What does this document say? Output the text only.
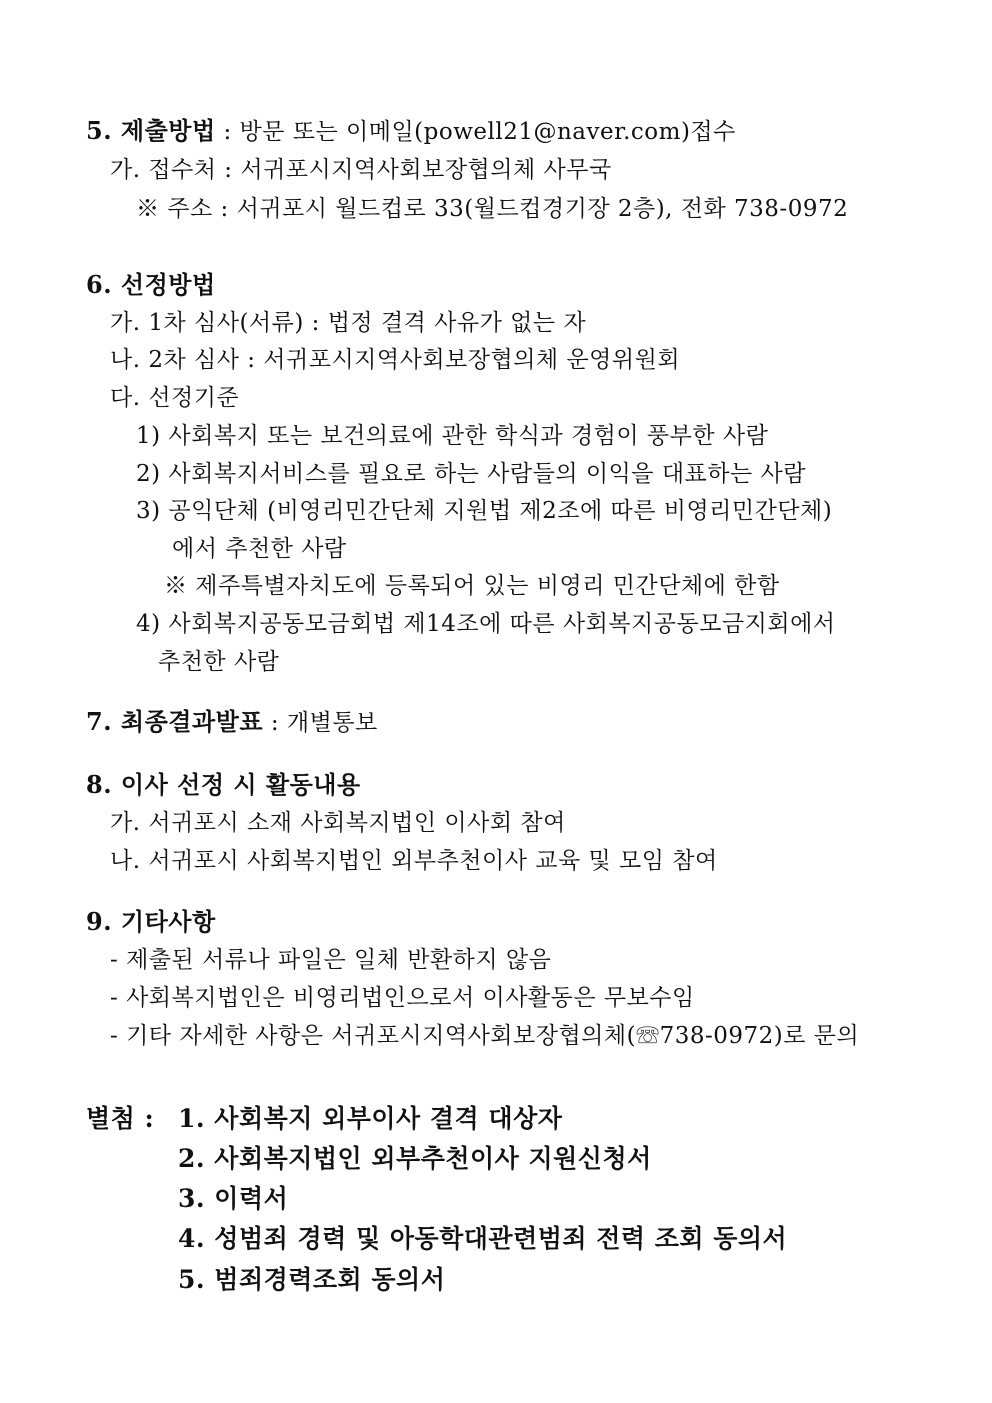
5. 제출방법 : 방문 또는 이메일(powell21@naver.com)접수
가. 접수처 : 서귀포시지역사회보장협의체 사무국
※ 주소 : 서귀포시 월드컵로 33(월드컵경기장 2층), 전화 738-0972
6. 선정방법
가. 1차 심사(서류) : 법정 결격 사유가 없는 자
나. 2차 심사 : 서귀포시지역사회보장협의체 운영위원회
다. 선정기준
1) 사회복지 또는 보건의료에 관한 학식과 경험이 풍부한 사람
2) 사회복지서비스를 필요로 하는 사람들의 이익을 대표하는 사람
3) 공익단체 (비영리민간단체 지원법 제2조에 따른 비영리민간단체)
에서 추천한 사람
※ 제주특별자치도에 등록되어 있는 비영리 민간단체에 한함
4) 사회복지공동모금회법 제14조에 따른 사회복지공동모금지회에서
추천한 사람
7. 최종결과발표 : 개별통보
8. 이사 선정 시 활동내용
가. 서귀포시 소재 사회복지법인 이사회 참여
나. 서귀포시 사회복지법인 외부추천이사 교육 및 모임 참여
9. 기타사항
- 제출된 서류나 파일은 일체 반환하지 않음
- 사회복지법인은 비영리법인으로서 이사활동은 무보수임
- 기타 자세한 사항은 서귀포시지역사회보장협의체(☏738-0972)로 문의
별첨 : 1. 사회복지 외부이사 결격 대상자
2. 사회복지법인 외부추천이사 지원신청서
3. 이력서
4. 성범죄 경력 및 아동학대관련범죄 전력 조회 동의서
5. 범죄경력조회 동의서
